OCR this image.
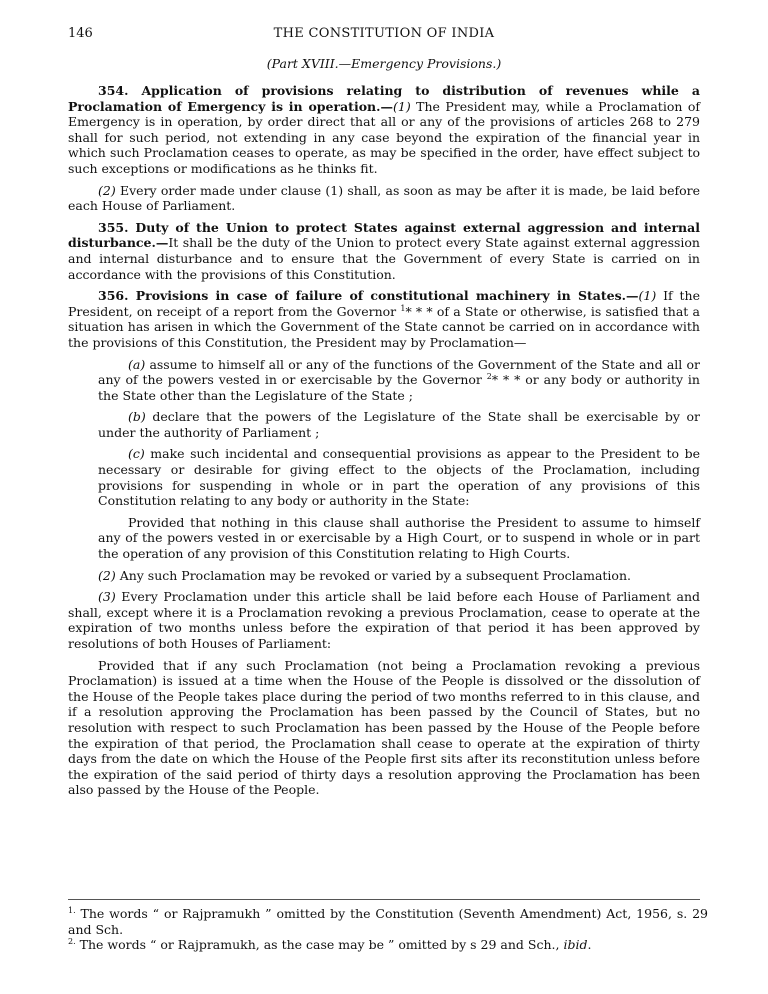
146	THE CONSTITUTION OF INDIA
(Part XVIII.—Emergency Provisions.)

354. Application of provisions relating to distribution of revenues while a Proclamation of Emergency is in operation.—(1) The President may, while a Proclamation of Emergency is in operation, by order direct that all or any of the provisions of articles 268 to 279 shall for such period, not extending in any case beyond the expiration of the financial year in which such Proclamation ceases to operate, as may be specified in the order, have effect subject to such exceptions or modifications as he thinks fit.

(2) Every order made under clause (1) shall, as soon as may be after it is made, be laid before each House of Parliament.

355. Duty of the Union to protect States against external aggression and internal disturbance.—It shall be the duty of the Union to protect every State against external aggression and internal disturbance and to ensure that the Government of every State is carried on in accordance with the provisions of this Constitution.

356. Provisions in case of failure of constitutional machinery in States.—(1) If the President, on receipt of a report from the Governor $^1$* * * of a State or otherwise, is satisfied that a situation has arisen in which the Government of the State cannot be carried on in accordance with the provisions of this Constitution, the President may by Proclamation—

(a) assume to himself all or any of the functions of the Government of the State and all or any of the powers vested in or exercisable by the Governor $^2$* * * or any body or authority in the State other than the Legislature of the State ;

(b) declare that the powers of the Legislature of the State shall be exercisable by or under the authority of Parliament ;

(c) make such incidental and consequential provisions as appear to the President to be necessary or desirable for giving effect to the objects of the Proclamation, including provisions for suspending in whole or in part the operation of any provisions of this Constitution relating to any body or authority in the State:

Provided that nothing in this clause shall authorise the President to assume to himself any of the powers vested in or exercisable by a High Court, or to suspend in whole or in part the operation of any provision of this Constitution relating to High Courts.

(2) Any such Proclamation may be revoked or varied by a subsequent Proclamation.

(3) Every Proclamation under this article shall be laid before each House of Parliament and shall, except where it is a Proclamation revoking a previous Proclamation, cease to operate at the expiration of two months unless before the expiration of that period it has been approved by resolutions of both Houses of Parliament:

Provided that if any such Proclamation (not being a Proclamation revoking a previous Proclamation) is issued at a time when the House of the People is dissolved or the dissolution of the House of the People takes place during the period of two months referred to in this clause, and if a resolution approving the Proclamation has been passed by the Council of States, but no resolution with respect to such Proclamation has been passed by the House of the People before the expiration of that period, the Proclamation shall cease to operate at the expiration of thirty days from the date on which the House of the People first sits after its reconstitution unless before the expiration of the said period of thirty days a resolution approving the Proclamation has been also passed by the House of the People.

$^{1.}$ The words “ or Rajpramukh ” omitted by the Constitution (Seventh Amendment) Act, 1956, s. 29 and Sch.

$^{2.}$ The words “ or Rajpramukh, as the case may be ” omitted by s 29 and Sch., ibid.
